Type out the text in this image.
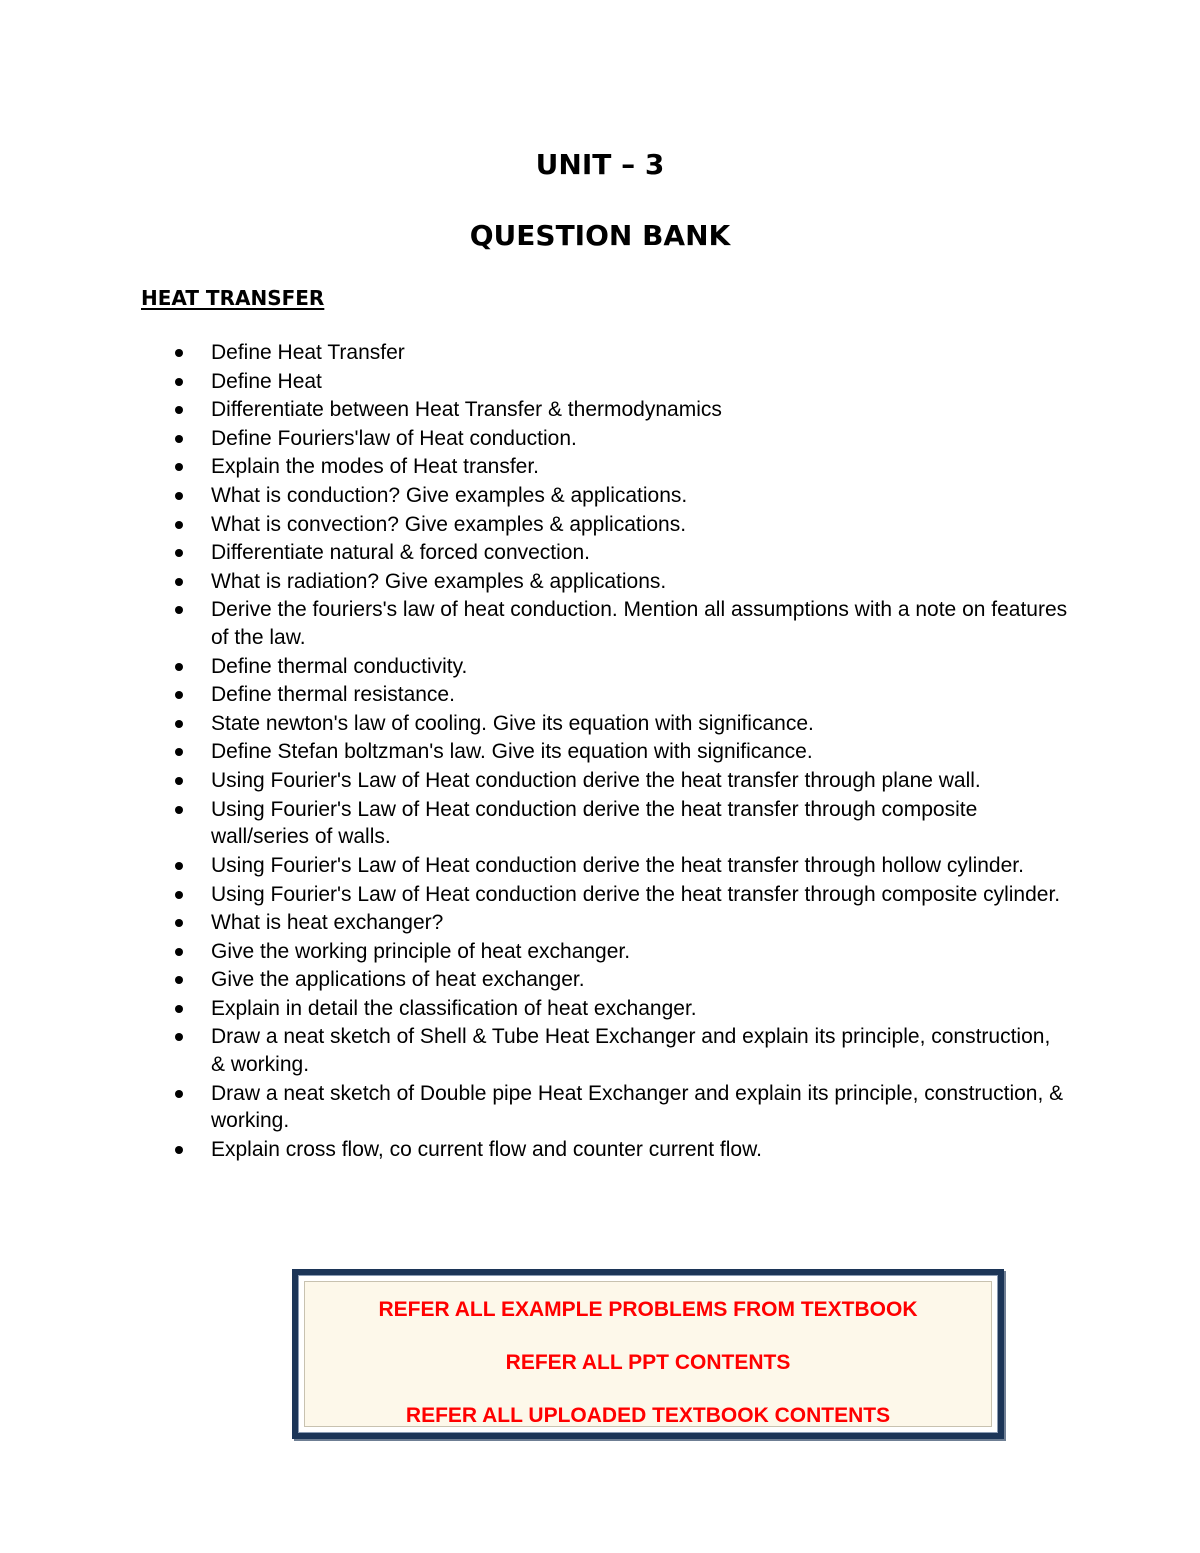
UNIT – 3
QUESTION BANK
HEAT TRANSFER
Define Heat Transfer
Define Heat
Differentiate between Heat Transfer & thermodynamics
Define Fouriers'law of Heat conduction.
Explain the modes of Heat transfer.
What is conduction? Give examples & applications.
What is convection? Give examples & applications.
Differentiate natural & forced convection.
What is radiation? Give examples & applications.
Derive the fouriers's law of heat conduction. Mention all assumptions with a note on features of the law.
Define thermal conductivity.
Define thermal resistance.
State newton's law of cooling. Give its equation with significance.
Define Stefan boltzman's law. Give its equation with significance.
Using Fourier's Law of Heat conduction derive the heat transfer through plane wall.
Using Fourier's Law of Heat conduction derive the heat transfer through composite wall/series of walls.
Using Fourier's Law of Heat conduction derive the heat transfer through hollow cylinder.
Using Fourier's Law of Heat conduction derive the heat transfer through composite cylinder.
What is heat exchanger?
Give the working principle of heat exchanger.
Give the applications of heat exchanger.
Explain in detail the classification of heat exchanger.
Draw a neat sketch of Shell & Tube Heat Exchanger and explain its principle, construction, & working.
Draw a neat sketch of Double pipe Heat Exchanger and explain its principle, construction, & working.
Explain cross flow, co current flow and counter current flow.

REFER ALL EXAMPLE PROBLEMS FROM TEXTBOOK

REFER ALL PPT CONTENTS

REFER ALL UPLOADED TEXTBOOK CONTENTS
